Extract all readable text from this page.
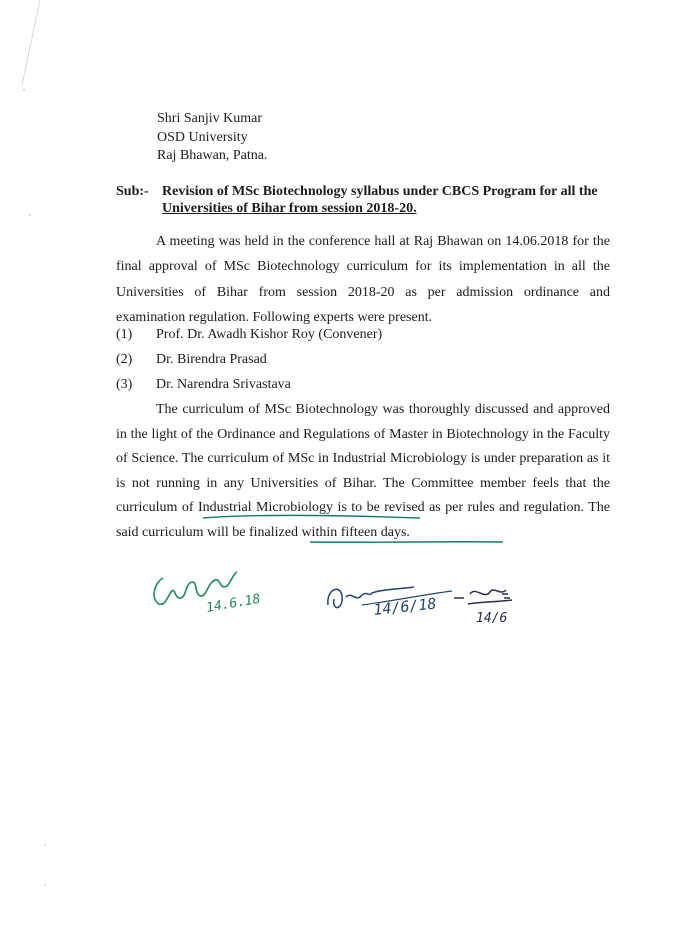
Shri Sanjiv Kumar
OSD University
Raj Bhawan, Patna.
Sub:- Revision of MSc Biotechnology syllabus under CBCS Program for all the
Universities of Bihar from session 2018-20.
A meeting was held in the conference hall at Raj Bhawan on 14.06.2018 for the final approval of MSc Biotechnology curriculum for its implementation in all the Universities of Bihar from session 2018-20 as per admission ordinance and examination regulation. Following experts were present.
(1) Prof. Dr. Awadh Kishor Roy (Convener)
(2) Dr. Birendra Prasad
(3) Dr. Narendra Srivastava
The curriculum of MSc Biotechnology was thoroughly discussed and approved in the light of the Ordinance and Regulations of Master in Biotechnology in the Faculty of Science. The curriculum of MSc in Industrial Microbiology is under preparation as it is not running in any Universities of Bihar. The Committee member feels that the curriculum of Industrial Microbiology is to be revised as per rules and regulation. The said curriculum will be finalized within fifteen days.
14.6.18	14/6/18	14/6
